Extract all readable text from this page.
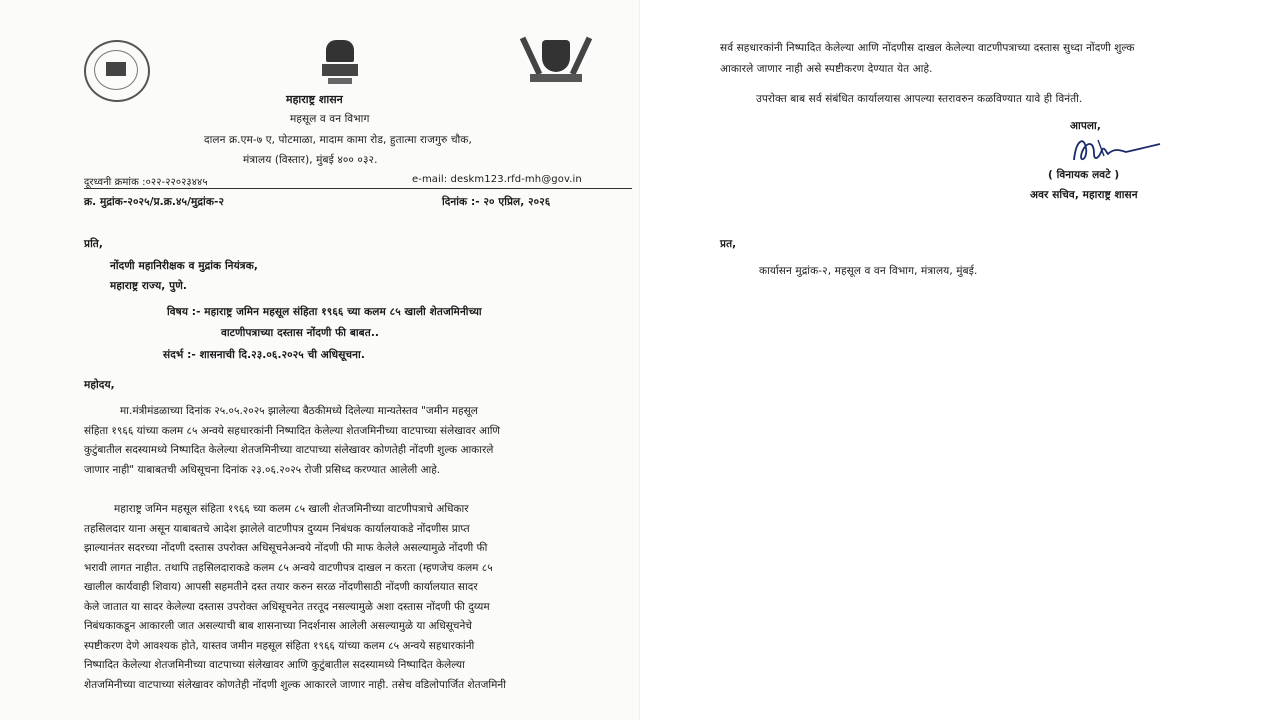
महाराष्ट्र शासन
महसूल व वन विभाग
दालन क्र.एम-७ ए, पोटमाळा, मादाम कामा रोड, हुतात्मा राजगुरु चौक,
मंत्रालय (विस्तार), मुंबई ४०० ०३२.
दूरध्वनी क्रमांक :०२२-२२०२३४४५	e-mail: deskm123.rfd-mh@gov.in
क्र. मुद्रांक-२०२५/प्र.क्र.४५/मुद्रांक-२	दिनांक :- २० एप्रिल, २०२६
प्रति,
नोंदणी महानिरीक्षक व मुद्रांक नियंत्रक,
महाराष्ट्र राज्य, पुणे.
विषय :- महाराष्ट्र जमिन महसूल संहिता १९६६ च्या कलम ८५ खाली शेतजमिनीच्या
वाटणीपत्राच्या दस्तास नोंदणी फी बाबत..
संदर्भ :- शासनाची दि.२३.०६.२०२५ ची अधिसूचना.
महोदय,
मा.मंत्रीमंडळाच्या दिनांक २५.०५.२०२५ झालेल्या बैठकीमध्ये दिलेल्या मान्यतेस्तव "जमीन महसूल
संहिता १९६६ यांच्या कलम ८५ अन्वये सहधारकांनी निष्पादित केलेल्या शेतजमिनीच्या वाटपाच्या संलेखावर आणि
कुटुंबातील सदस्यामध्ये निष्पादित केलेल्या शेतजमिनीच्या वाटपाच्या संलेखावर कोणतेही नोंदणी शुल्क आकारले
जाणार नाही" याबाबतची अधिसूचना दिनांक २३.०६.२०२५ रोजी प्रसिध्द करण्यात आलेली आहे.
महाराष्ट्र जमिन महसूल संहिता १९६६ च्या कलम ८५ खाली शेतजमिनीच्या वाटणीपत्राचे अधिकार
तहसिलदार याना असून याबाबतचे आदेश झालेले वाटणीपत्र दुय्यम निबंधक कार्यालयाकडे नोंदणीस प्राप्त
झाल्यानंतर सदरच्या नोंदणी दस्तास उपरोक्त अधिसूचनेअन्वये नोंदणी फी माफ केलेले असल्यामुळे नोंदणी फी
भरावी लागत नाहीत. तथापि तहसिलदाराकडे कलम ८५ अन्वये वाटणीपत्र दाखल न करता (म्हणजेच कलम ८५
खालील कार्यवाही शिवाय) आपसी सहमतीने दस्त तयार करुन सरळ नोंदणीसाठी नोंदणी कार्यालयात सादर
केले जातात या सादर केलेल्या दस्तास उपरोक्त अधिसूचनेत तरतूद नसल्यामुळे अशा दस्तास नोंदणी फी दुय्यम
निबंधकाकडून आकारली जात असल्याची बाब शासनाच्या निदर्शनास आलेली असल्यामुळे या अधिसूचनेचे
स्पष्टीकरण देणे आवश्यक होते, यास्तव जमीन महसूल संहिता १९६६ यांच्या कलम ८५ अन्वये सहधारकांनी
निष्पादित केलेल्या शेतजमिनीच्या वाटपाच्या संलेखावर आणि कुटुंबातील सदस्यामध्ये निष्पादित केलेल्या
शेतजमिनीच्या वाटपाच्या संलेखावर कोणतेही नोंदणी शुल्क आकारले जाणार नाही. तसेच वडिलोपार्जित शेतजमिनी
सर्व सहधारकांनी निष्पादित केलेल्या आणि नोंदणीस दाखल केलेल्या वाटणीपत्राच्या दस्तास सुध्दा नोंदणी शुल्क
आकारले जाणार नाही असे स्पष्टीकरण देण्यात येत आहे.
उपरोक्त बाब सर्व संबंधित कार्यालयास आपल्या स्तरावरुन कळविण्यात यावे ही विनंती.
आपला,
( विनायक लवटे )
अवर सचिव, महाराष्ट्र शासन
प्रत,
कार्यासन मुद्रांक-२, महसूल व वन विभाग, मंत्रालय, मुंबई.
